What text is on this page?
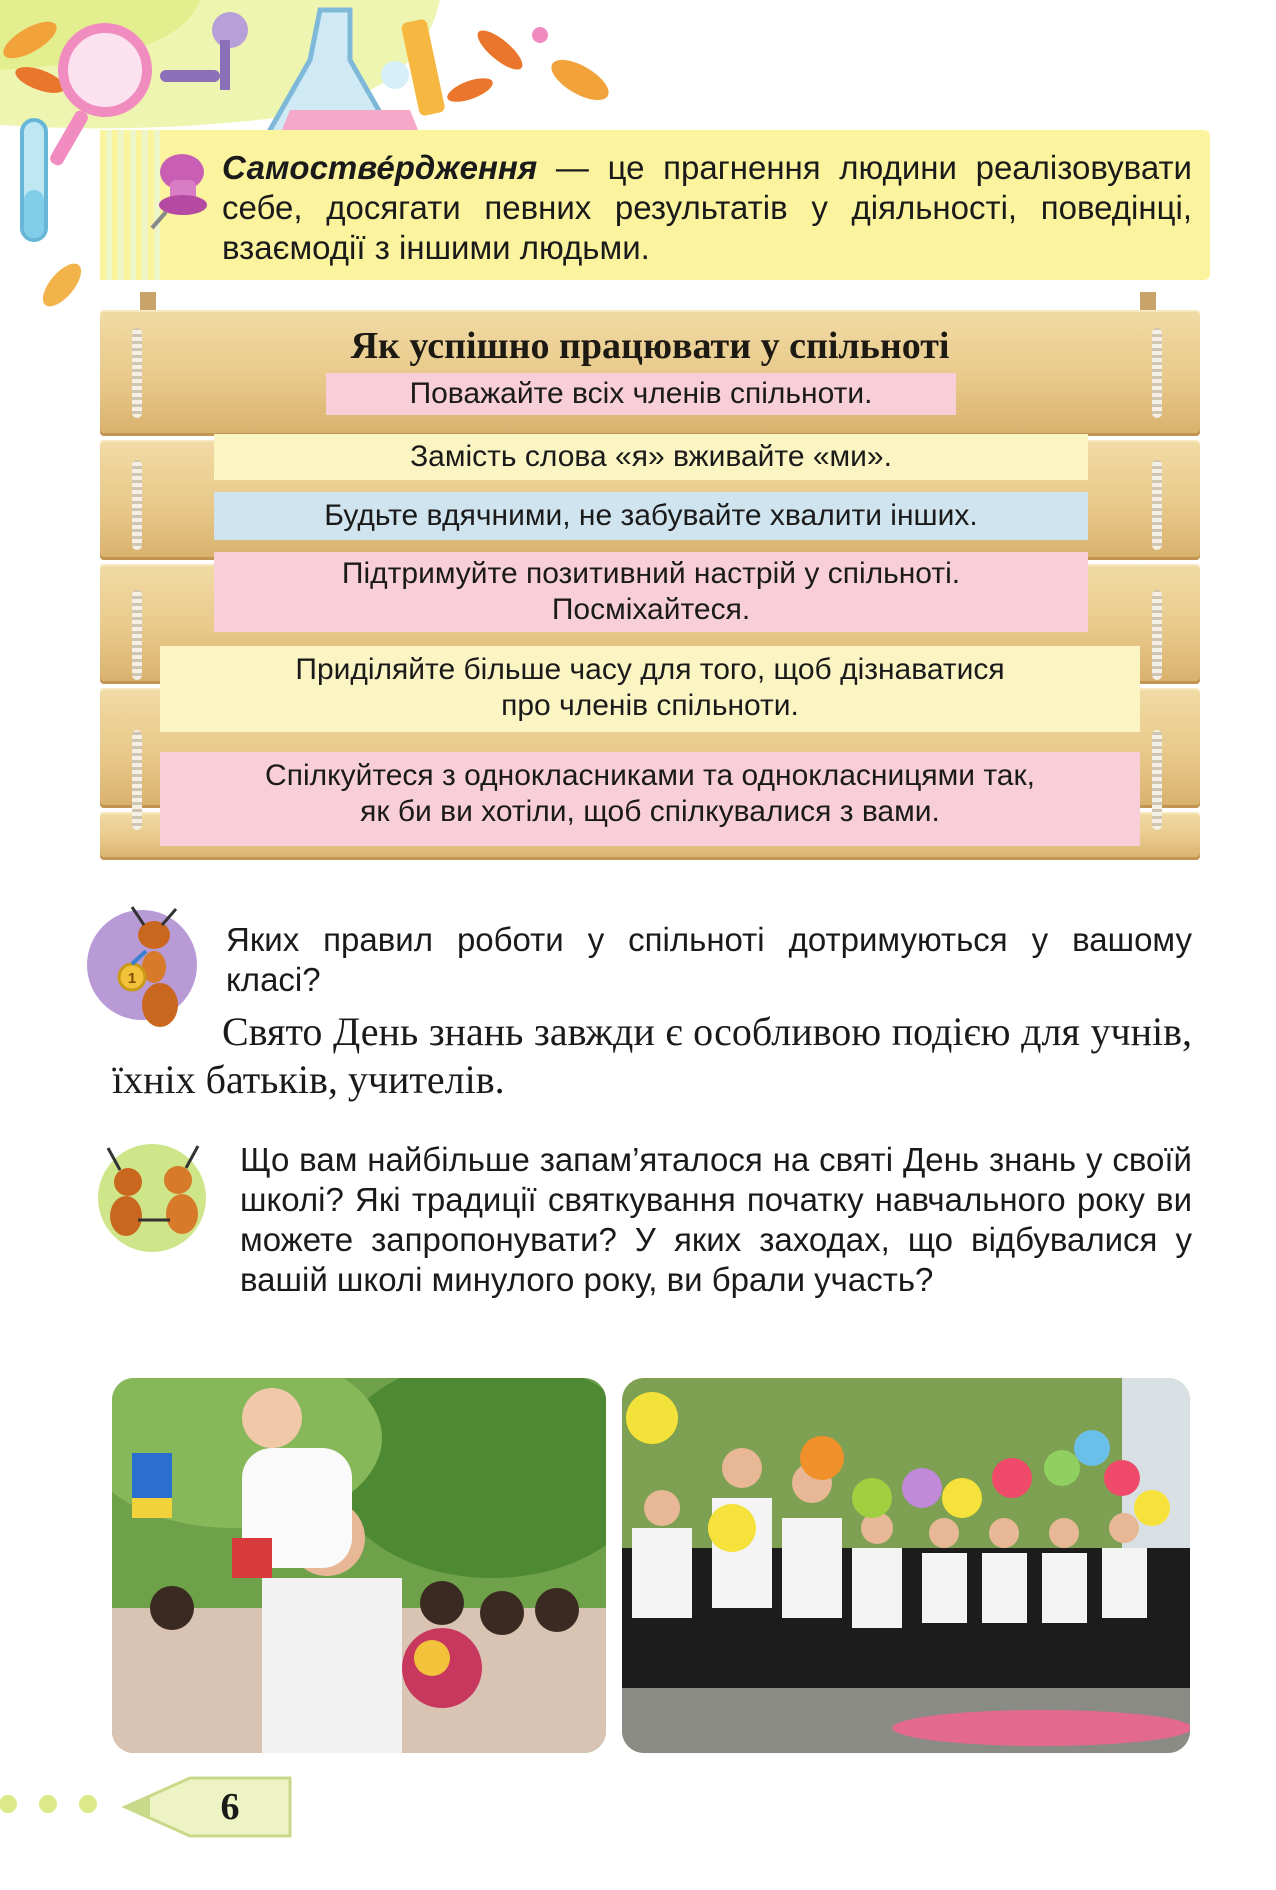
Самостве́рдження — це прагнення людини реалізовувати себе, досягати певних результатів у діяльності, поведінці, взаємодії з іншими людьми.
Як успішно працювати у спільноті
Поважайте всіх членів спільноти.
Замість слова «я» вживайте «ми».
Будьте вдячними, не забувайте хвалити інших.
Підтримуйте позитивний настрій у спільноті.
Посміхайтеся.
Приділяйте більше часу для того, щоб дізнаватися
про членів спільноти.
Спілкуйтеся з однокласниками та однокласницями так,
як би ви хотіли, щоб спілкувалися з вами.
1
Яких правил роботи у спільноті дотримуються у вашому класі?
Свято День знань завжди є особливою подією для учнів, їхніх батьків, учителів.
Що вам найбільше запам’яталося на святі День знань у своїй школі? Які традиції святкування початку навчального року ви можете запропонувати? У яких заходах, що відбувалися у вашій школі минулого року, ви брали участь?
6
